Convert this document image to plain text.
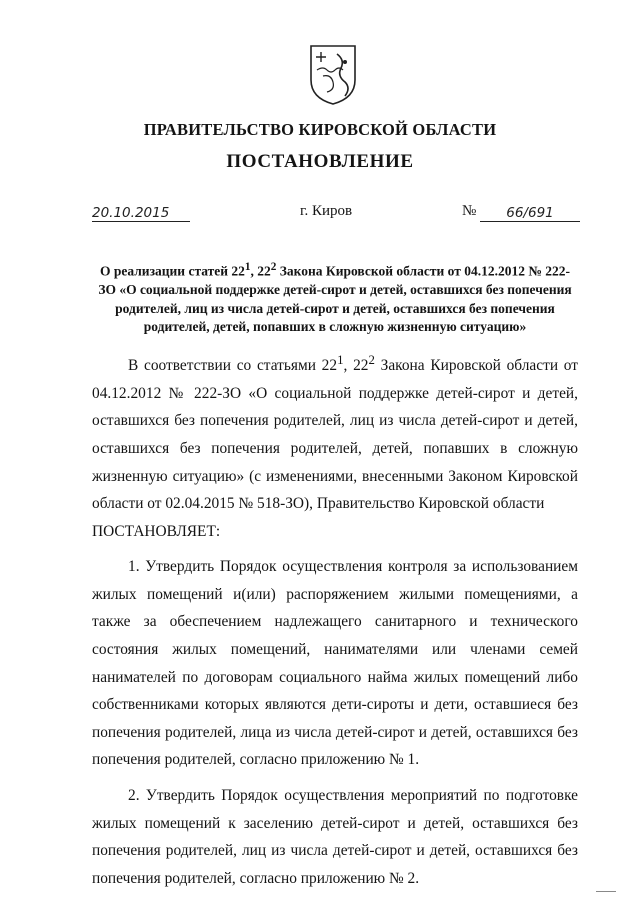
ПРАВИТЕЛЬСТВО КИРОВСКОЙ ОБЛАСТИ
ПОСТАНОВЛЕНИЕ
20.10.2015	г. Киров	№	66/691
О реализации статей $22^1$, $22^2$ Закона Кировской области от 04.12.2012 № 222-ЗО «О социальной поддержке детей-сирот и детей, оставшихся без попечения родителей, лиц из числа детей-сирот и детей, оставшихся без попечения родителей, детей, попавших в сложную жизненную ситуацию»

В соответствии со статьями $22^1$, $22^2$ Закона Кировской области от 04.12.2012 № 222-ЗО «О социальной поддержке детей-сирот и детей, оставшихся без попечения родителей, лиц из числа детей-сирот и детей, оставшихся без попечения родителей, детей, попавших в сложную жизненную ситуацию» (с изменениями, внесенными Законом Кировской области от 02.04.2015 № 518-ЗО), Правительство Кировской области
ПОСТАНОВЛЯЕТ:

1. Утвердить Порядок осуществления контроля за использованием жилых помещений и(или) распоряжением жилыми помещениями, а также за обеспечением надлежащего санитарного и технического состояния жилых помещений, нанимателями или членами семей нанимателей по договорам социального найма жилых помещений либо собственниками которых являются дети-сироты и дети, оставшиеся без попечения родителей, лица из числа детей-сирот и детей, оставшихся без попечения родителей, согласно приложению № 1.

2. Утвердить Порядок осуществления мероприятий по подготовке жилых помещений к заселению детей-сирот и детей, оставшихся без попечения родителей, лиц из числа детей-сирот и детей, оставшихся без попечения родителей, согласно приложению № 2.
